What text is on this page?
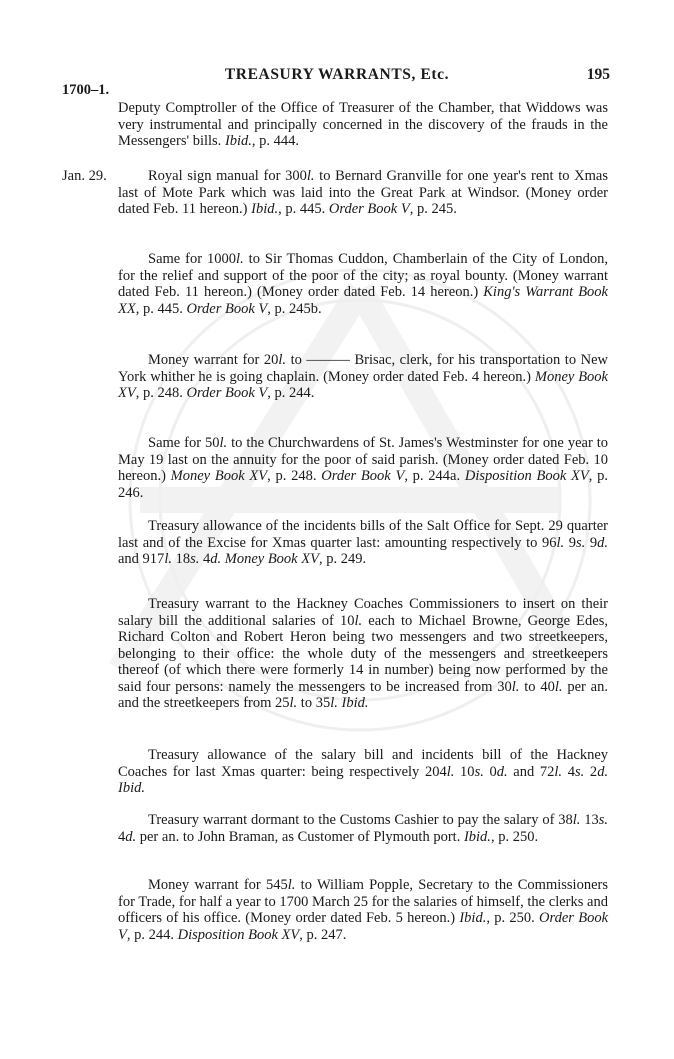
TREASURY WARRANTS, Etc.	195
1700–1.
Jan. 29.
Deputy Comptroller of the Office of Treasurer of the Chamber, that Widdows was very instrumental and principally concerned in the discovery of the frauds in the Messengers' bills. Ibid., p. 444.
Royal sign manual for 300l. to Bernard Granville for one year's rent to Xmas last of Mote Park which was laid into the Great Park at Windsor. (Money order dated Feb. 11 hereon.) Ibid., p. 445. Order Book V, p. 245.
Same for 1000l. to Sir Thomas Cuddon, Chamberlain of the City of London, for the relief and support of the poor of the city; as royal bounty. (Money warrant dated Feb. 11 hereon.) (Money order dated Feb. 14 hereon.) King's Warrant Book XX, p. 445. Order Book V, p. 245b.
Money warrant for 20l. to ——— Brisac, clerk, for his transportation to New York whither he is going chaplain. (Money order dated Feb. 4 hereon.) Money Book XV, p. 248. Order Book V, p. 244.
Same for 50l. to the Churchwardens of St. James's Westminster for one year to May 19 last on the annuity for the poor of said parish. (Money order dated Feb. 10 hereon.) Money Book XV, p. 248. Order Book V, p. 244a. Disposition Book XV, p. 246.
Treasury allowance of the incidents bills of the Salt Office for Sept. 29 quarter last and of the Excise for Xmas quarter last: amounting respectively to 96l. 9s. 9d. and 917l. 18s. 4d. Money Book XV, p. 249.
Treasury warrant to the Hackney Coaches Commissioners to insert on their salary bill the additional salaries of 10l. each to Michael Browne, George Edes, Richard Colton and Robert Heron being two messengers and two streetkeepers, belonging to their office: the whole duty of the messengers and streetkeepers thereof (of which there were formerly 14 in number) being now performed by the said four persons: namely the messengers to be increased from 30l. to 40l. per an. and the streetkeepers from 25l. to 35l. Ibid.
Treasury allowance of the salary bill and incidents bill of the Hackney Coaches for last Xmas quarter: being respectively 204l. 10s. 0d. and 72l. 4s. 2d. Ibid.
Treasury warrant dormant to the Customs Cashier to pay the salary of 38l. 13s. 4d. per an. to John Braman, as Customer of Plymouth port. Ibid., p. 250.
Money warrant for 545l. to William Popple, Secretary to the Commissioners for Trade, for half a year to 1700 March 25 for the salaries of himself, the clerks and officers of his office. (Money order dated Feb. 5 hereon.) Ibid., p. 250. Order Book V, p. 244. Disposition Book XV, p. 247.
